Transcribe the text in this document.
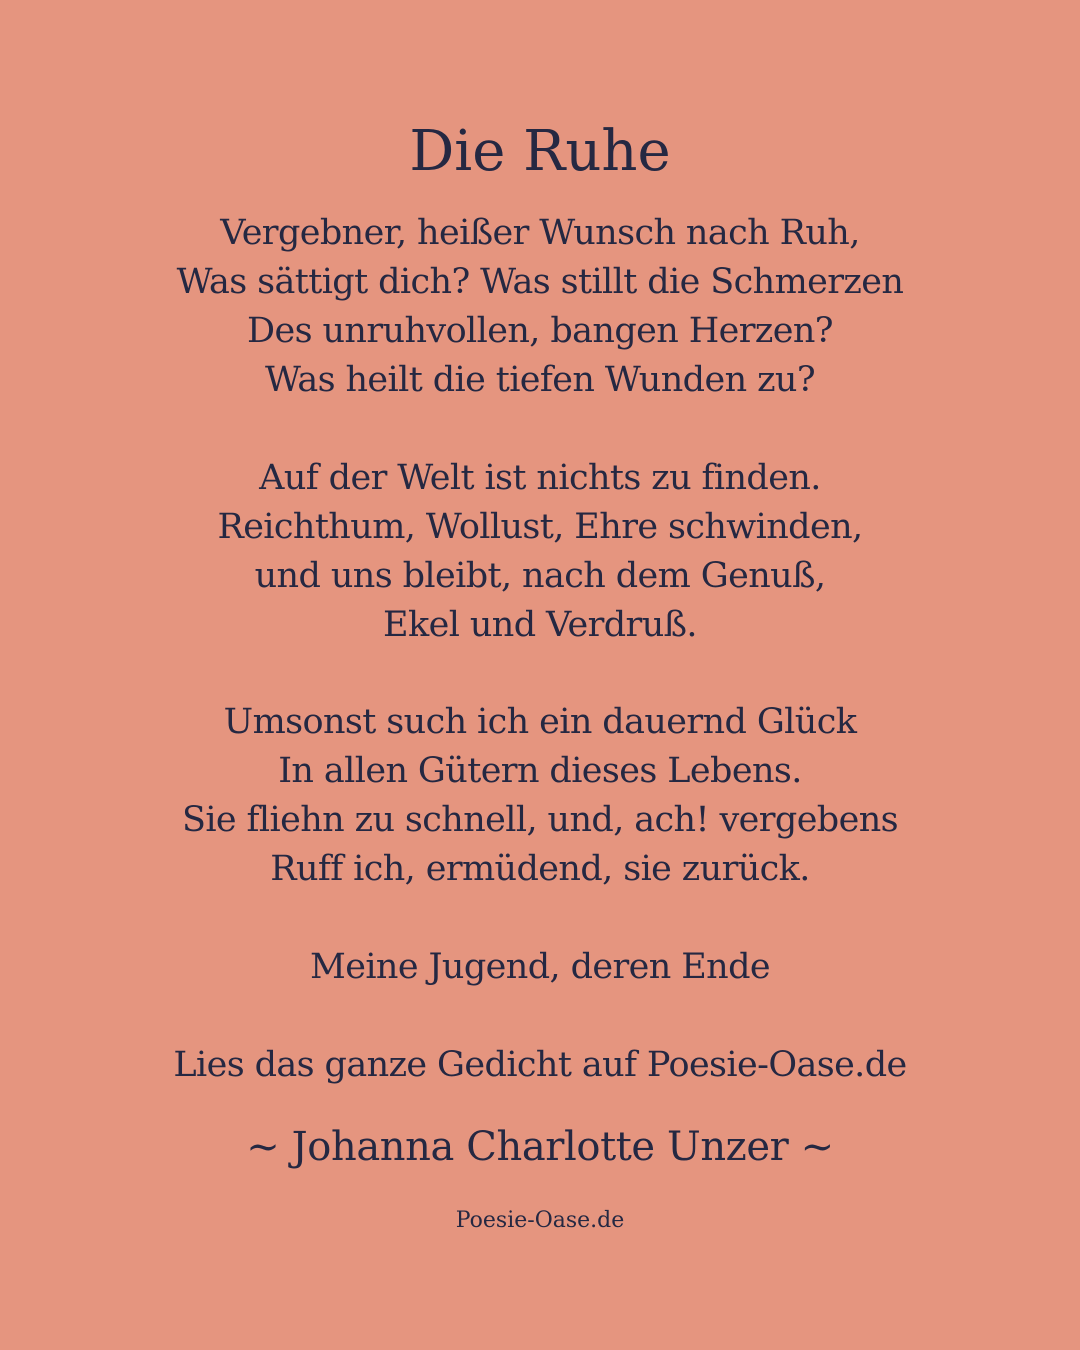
Die Ruhe
Vergebner, heißer Wunsch nach Ruh,
Was sättigt dich? Was stillt die Schmerzen
Des unruhvollen, bangen Herzen?
Was heilt die tiefen Wunden zu?
Auf der Welt ist nichts zu finden.
Reichthum, Wollust, Ehre schwinden,
und uns bleibt, nach dem Genuß,
Ekel und Verdruß.
Umsonst such ich ein dauernd Glück
In allen Gütern dieses Lebens.
Sie fliehn zu schnell, und, ach! vergebens
Ruff ich, ermüdend, sie zurück.
Meine Jugend, deren Ende
Lies das ganze Gedicht auf Poesie-Oase.de
~ Johanna Charlotte Unzer ~
Poesie-Oase.de
